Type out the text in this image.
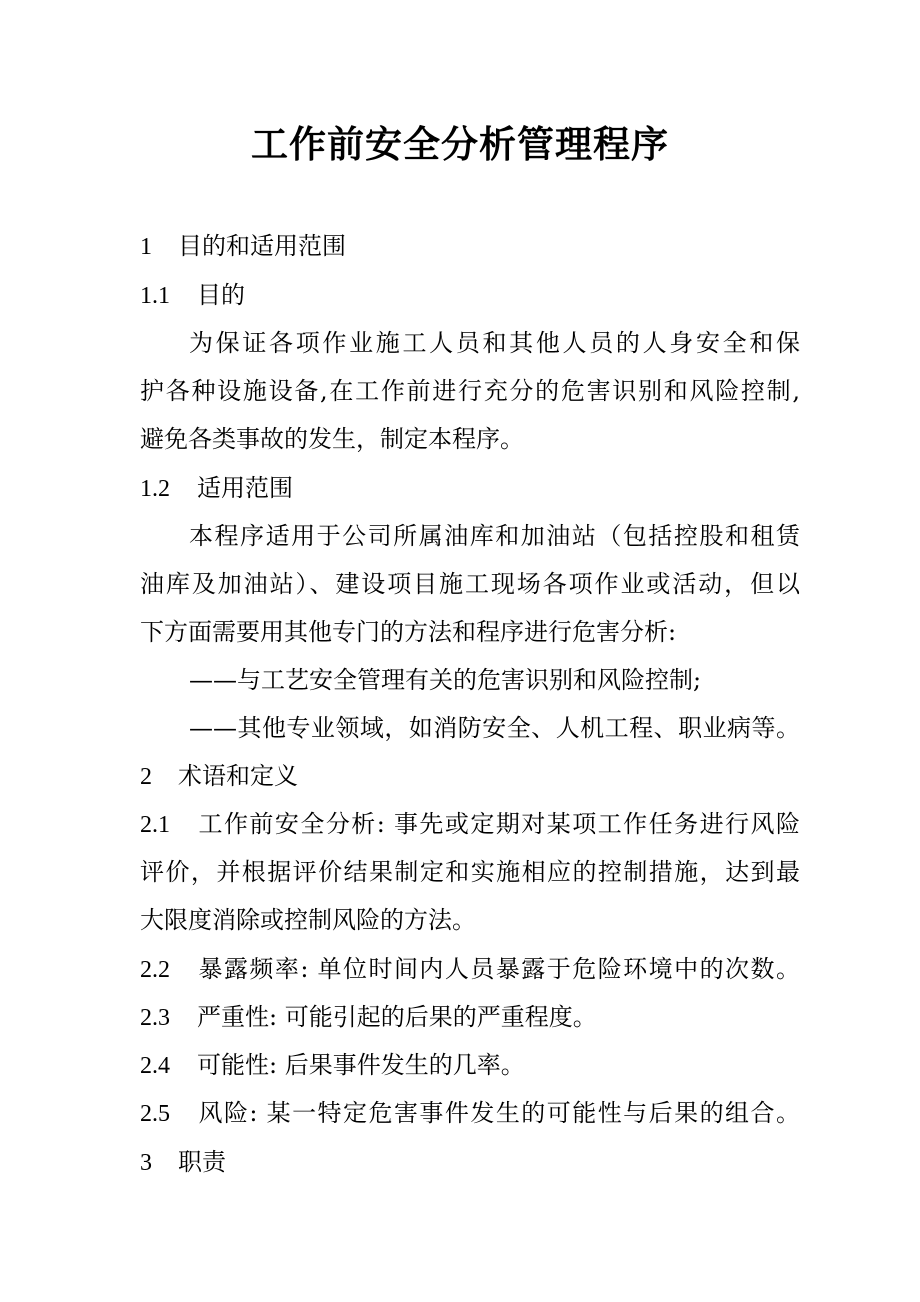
工作前安全分析管理程序
1 目的和适用范围
1.1 目的
为保证各项作业施工人员和其他人员的人身安全和保
护各种设施设备,在工作前进行充分的危害识别和风险控制,
避免各类事故的发生，制定本程序。
1.2 适用范围
本程序适用于公司所属油库和加油站（包括控股和租赁
油库及加油站）、建设项目施工现场各项作业或活动，但以
下方面需要用其他专门的方法和程序进行危害分析:
——与工艺安全管理有关的危害识别和风险控制;
——其他专业领域，如消防安全、人机工程、职业病等。
2 术语和定义
2.1 工作前安全分析: 事先或定期对某项工作任务进行风险
评价，并根据评价结果制定和实施相应的控制措施，达到最
大限度消除或控制风险的方法。
2.2 暴露频率: 单位时间内人员暴露于危险环境中的次数。
2.3 严重性: 可能引起的后果的严重程度。
2.4 可能性: 后果事件发生的几率。
2.5 风险: 某一特定危害事件发生的可能性与后果的组合。
3 职责
